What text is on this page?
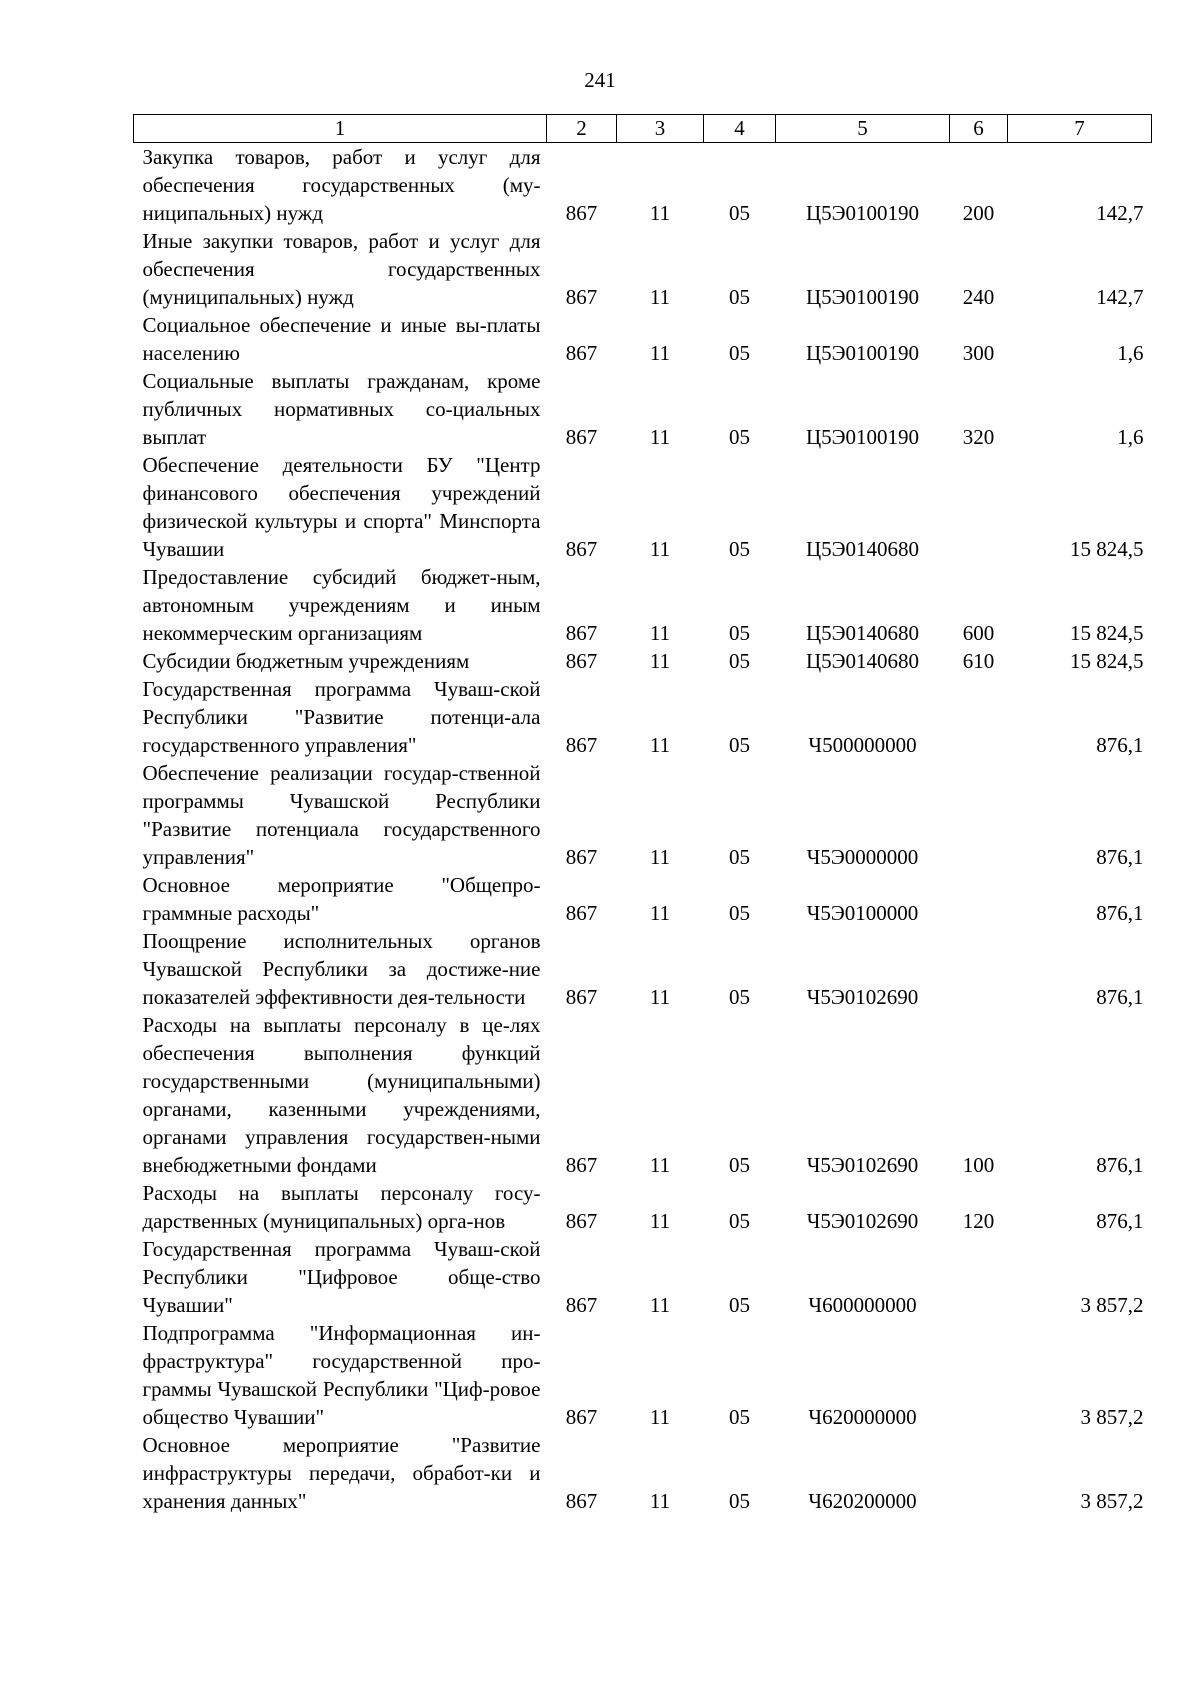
241
1	2	3	4	5	6	7
Закупка товаров, работ и услуг для обеспечения государственных (му-ниципальных) нужд	867	11	05	Ц5Э0100190	200	142,7
Иные закупки товаров, работ и услуг для обеспечения государственных (муниципальных) нужд	867	11	05	Ц5Э0100190	240	142,7
Социальное обеспечение и иные вы-платы населению	867	11	05	Ц5Э0100190	300	1,6
Социальные выплаты гражданам, кроме публичных нормативных со-циальных выплат	867	11	05	Ц5Э0100190	320	1,6
Обеспечение деятельности БУ "Центр финансового обеспечения учреждений физической культуры и спорта" Минспорта Чувашии	867	11	05	Ц5Э0140680		15 824,5
Предоставление субсидий бюджет-ным, автономным учреждениям и иным некоммерческим организациям	867	11	05	Ц5Э0140680	600	15 824,5
Субсидии бюджетным учреждениям	867	11	05	Ц5Э0140680	610	15 824,5
Государственная программа Чуваш-ской Республики "Развитие потенци-ала государственного управления"	867	11	05	Ч500000000		876,1
Обеспечение реализации государ-ственной программы Чувашской Республики "Развитие потенциала государственного управления"	867	11	05	Ч5Э0000000		876,1
Основное мероприятие "Общепро-граммные расходы"	867	11	05	Ч5Э0100000		876,1
Поощрение исполнительных органов Чувашской Республики за достиже-ние показателей эффективности дея-тельности	867	11	05	Ч5Э0102690		876,1
Расходы на выплаты персоналу в це-лях обеспечения выполнения функций государственными (муниципальными) органами, казенными учреждениями, органами управления государствен-ными внебюджетными фондами	867	11	05	Ч5Э0102690	100	876,1
Расходы на выплаты персоналу госу-дарственных (муниципальных) орга-нов	867	11	05	Ч5Э0102690	120	876,1
Государственная программа Чуваш-ской Республики "Цифровое обще-ство Чувашии"	867	11	05	Ч600000000		3 857,2
Подпрограмма "Информационная ин-фраструктура" государственной про-граммы Чувашской Республики "Циф-ровое общество Чувашии"	867	11	05	Ч620000000		3 857,2
Основное мероприятие "Развитие инфраструктуры передачи, обработ-ки и хранения данных"	867	11	05	Ч620200000		3 857,2
